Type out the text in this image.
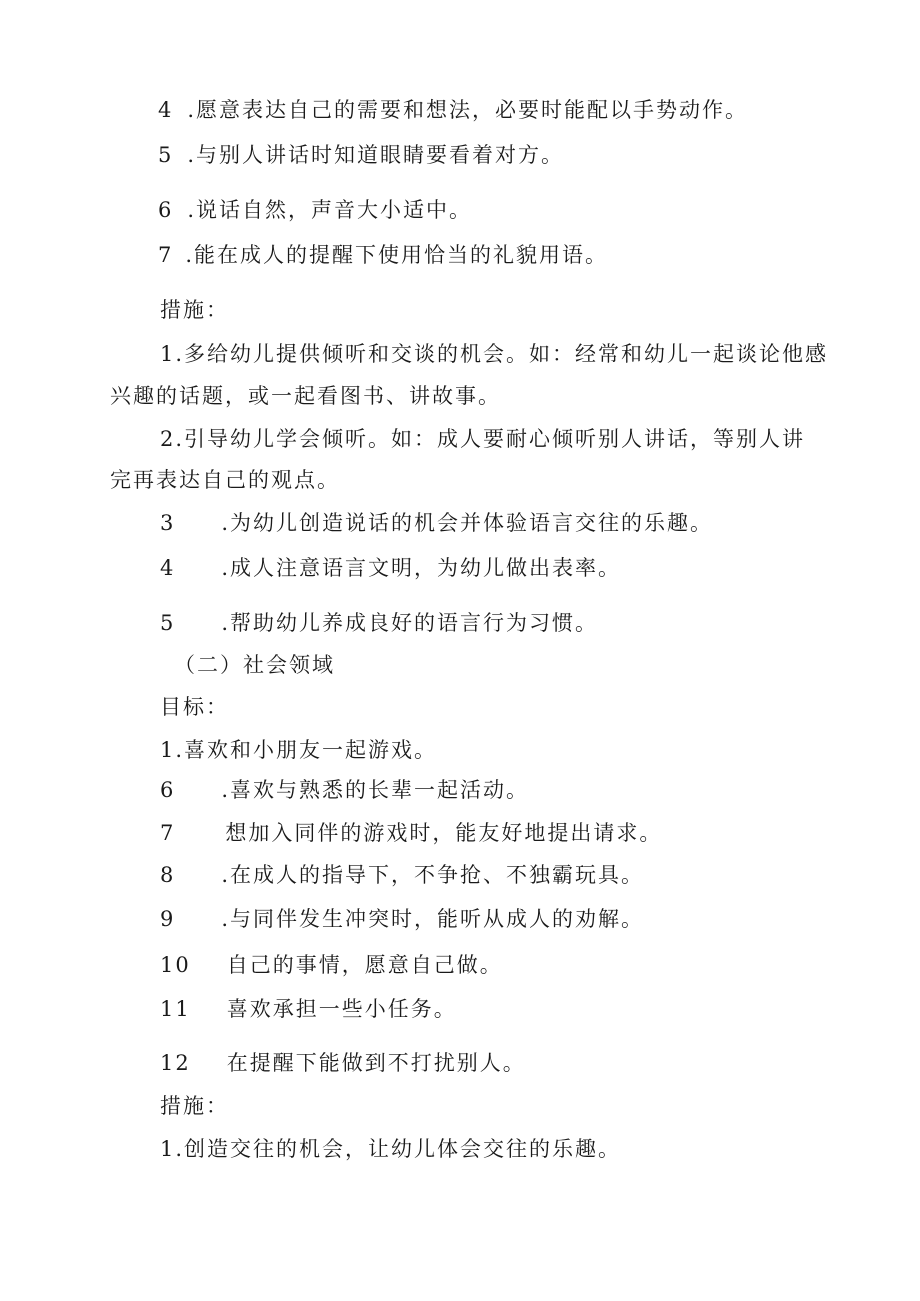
4 .愿意表达自己的需要和想法，必要时能配以手势动作。
5 .与别人讲话时知道眼睛要看着对方。
6 .说话自然，声音大小适中。
7 .能在成人的提醒下使用恰当的礼貌用语。
措施：
1.多给幼儿提供倾听和交谈的机会。如：经常和幼儿一起谈论他感
兴趣的话题，或一起看图书、讲故事。
2.引导幼儿学会倾听。如：成人要耐心倾听别人讲话，等别人讲
完再表达自己的观点。
3 .为幼儿创造说话的机会并体验语言交往的乐趣。
4 .成人注意语言文明，为幼儿做出表率。
5 .帮助幼儿养成良好的语言行为习惯。
（二）社会领域
目标：
1.喜欢和小朋友一起游戏。
6 .喜欢与熟悉的长辈一起活动。
7 想加入同伴的游戏时，能友好地提出请求。
8 .在成人的指导下，不争抢、不独霸玩具。
9 .与同伴发生冲突时，能听从成人的劝解。
10 自己的事情，愿意自己做。
11 喜欢承担一些小任务。
12 在提醒下能做到不打扰别人。
措施：
1.创造交往的机会，让幼儿体会交往的乐趣。
